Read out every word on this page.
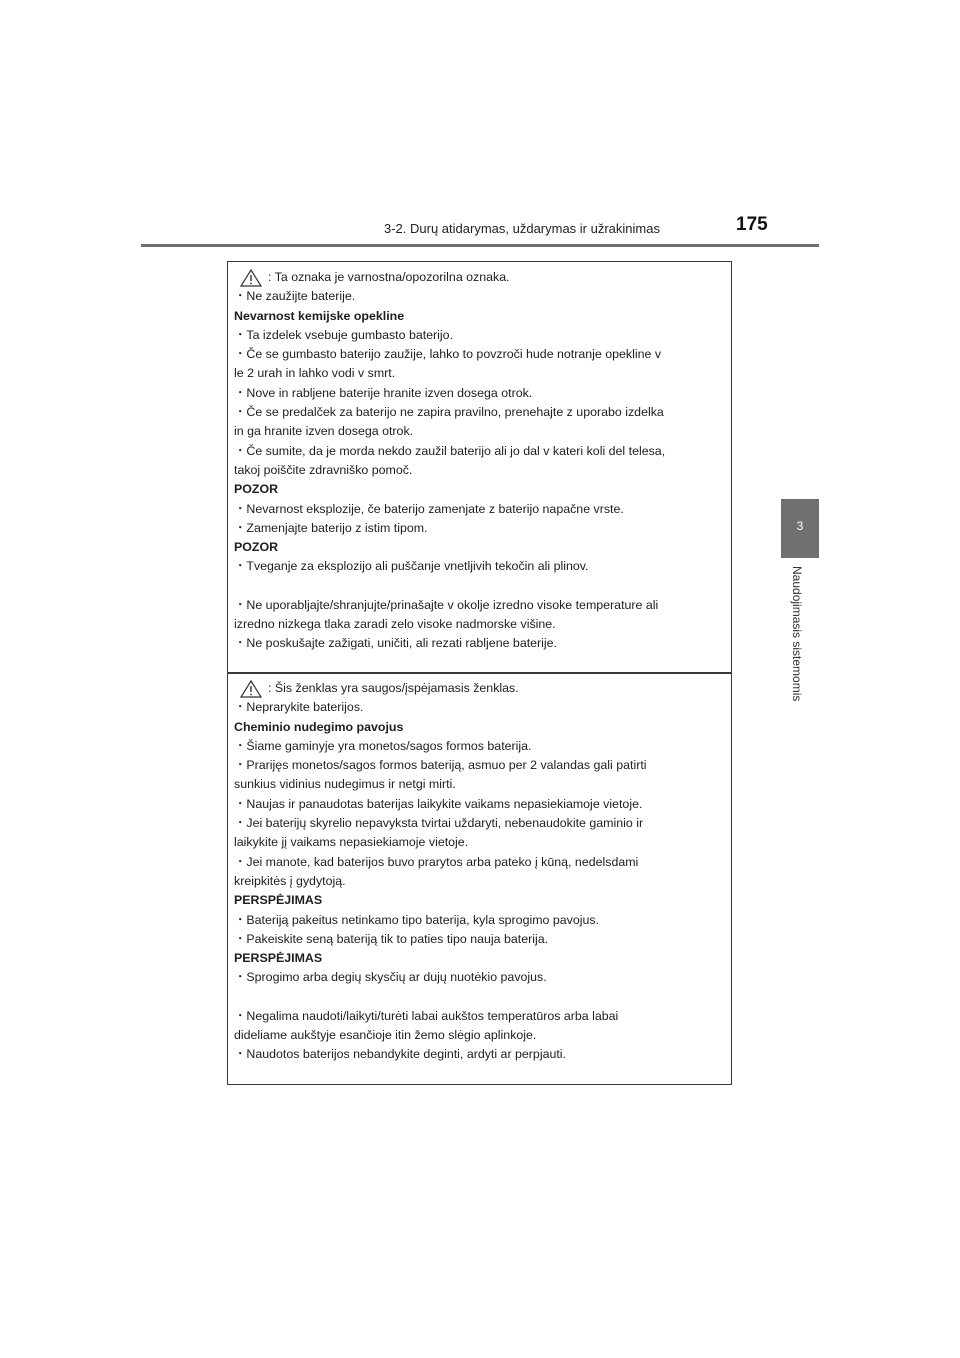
3-2. Durų atidarymas, uždarymas ir užrakinimas	175
3
Naudojimasis sistemomis
: Ta oznaka je varnostna/opozorilna oznaka.
・Ne zaužijte baterije.
Nevarnost kemijske opekline
・Ta izdelek vsebuje gumbasto baterijo.
・Če se gumbasto baterijo zaužije, lahko to povzroči hude notranje opekline v
le 2 urah in lahko vodi v smrt.
・Nove in rabljene baterije hranite izven dosega otrok.
・Če se predalček za baterijo ne zapira pravilno, prenehajte z uporabo izdelka
in ga hranite izven dosega otrok.
・Če sumite, da je morda nekdo zaužil baterijo ali jo dal v kateri koli del telesa,
takoj poiščite zdravniško pomoč.
POZOR
・Nevarnost eksplozije, če baterijo zamenjate z baterijo napačne vrste.
・Zamenjajte baterijo z istim tipom.
POZOR
・Tveganje za eksplozijo ali puščanje vnetljivih tekočin ali plinov.
・Ne uporabljajte/shranjujte/prinašajte v okolje izredno visoke temperature ali
izredno nizkega tlaka zaradi zelo visoke nadmorske višine.
・Ne poskušajte zažigati, uničiti, ali rezati rabljene baterije.
: Šis ženklas yra saugos/įspėjamasis ženklas.
・Neprarykite baterijos.
Cheminio nudegimo pavojus
・Šiame gaminyje yra monetos/sagos formos baterija.
・Prarijęs monetos/sagos formos bateriją, asmuo per 2 valandas gali patirti
sunkius vidinius nudegimus ir netgi mirti.
・Naujas ir panaudotas baterijas laikykite vaikams nepasiekiamoje vietoje.
・Jei baterijų skyrelio nepavyksta tvirtai uždaryti, nebenaudokite gaminio ir
laikykite jį vaikams nepasiekiamoje vietoje.
・Jei manote, kad baterijos buvo prarytos arba pateko į kūną, nedelsdami
kreipkitės į gydytoją.
PERSPĖJIMAS
・Bateriją pakeitus netinkamo tipo baterija, kyla sprogimo pavojus.
・Pakeiskite seną bateriją tik to paties tipo nauja baterija.
PERSPĖJIMAS
・Sprogimo arba degių skysčių ar dujų nuotėkio pavojus.
・Negalima naudoti/laikyti/turėti labai aukštos temperatūros arba labai
dideliame aukštyje esančioje itin žemo slėgio aplinkoje.
・Naudotos baterijos nebandykite deginti, ardyti ar perpjauti.
